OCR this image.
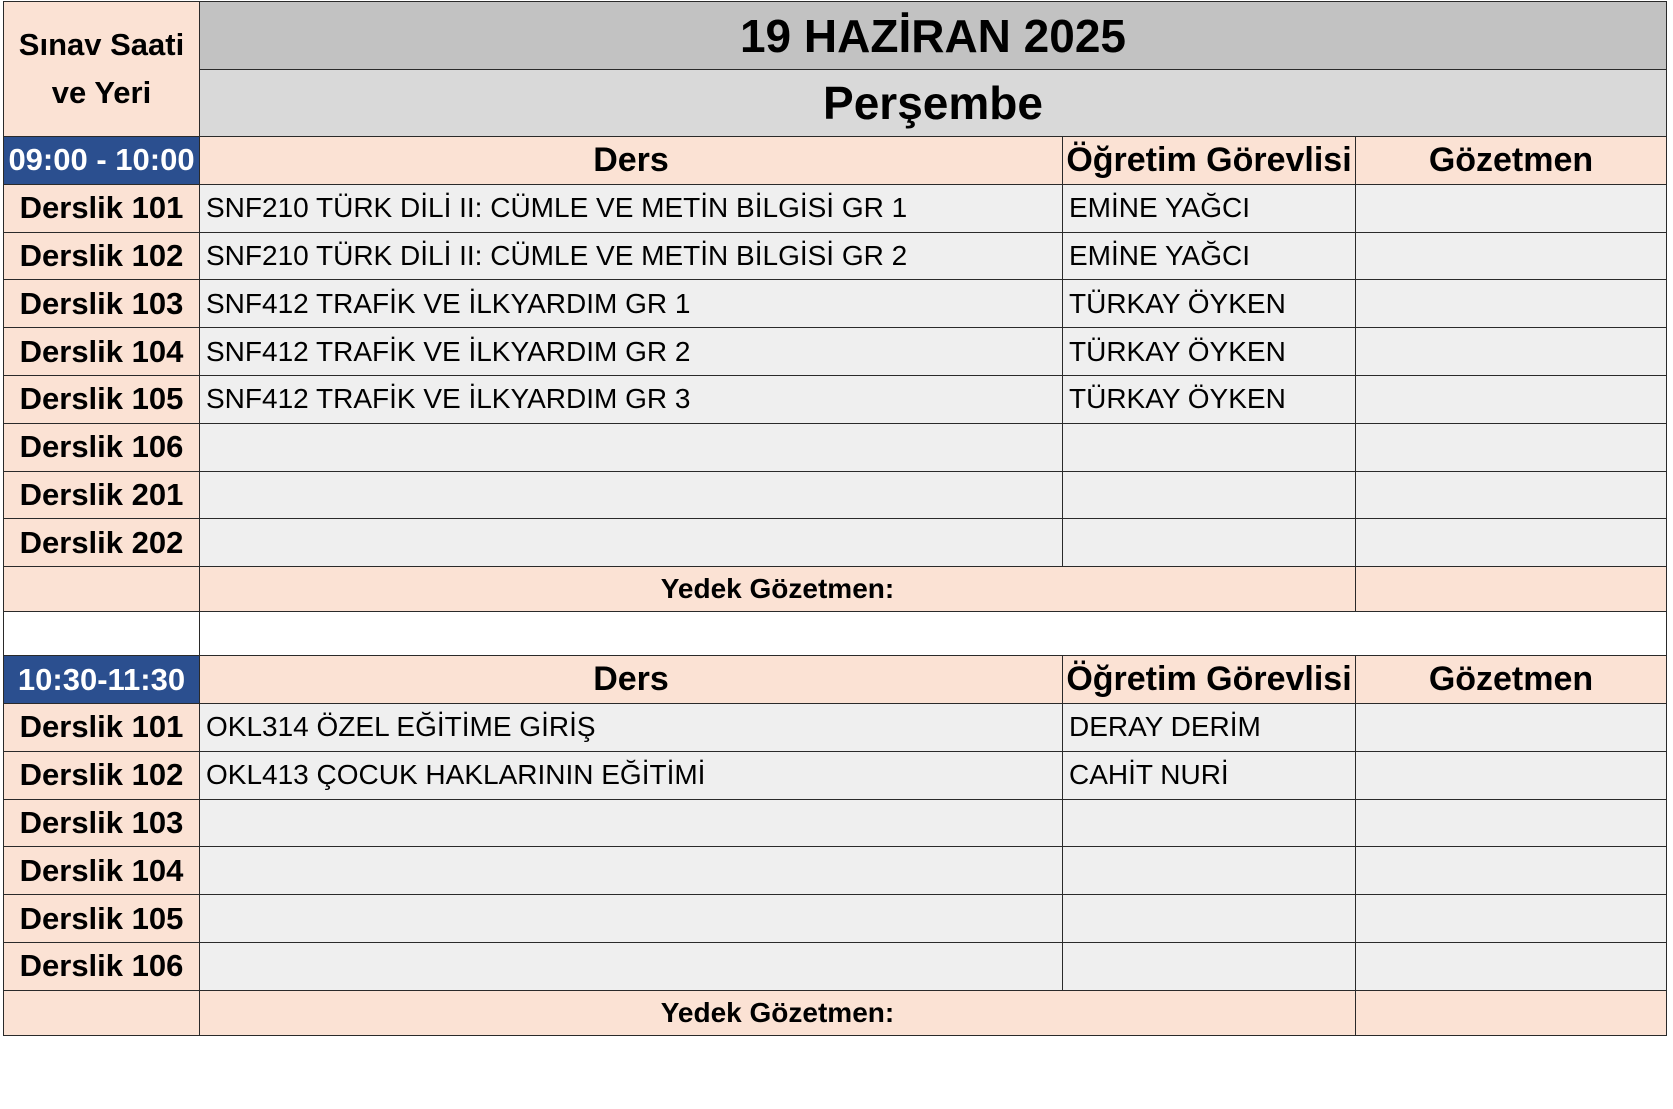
Sınav Saati
ve Yeri	19 HAZİRAN 2025		
	Perşembe		
09:00 - 10:00	Ders	Öğretim Görevlisi	Gözetmen
Derslik 101	SNF210 TÜRK DİLİ II: CÜMLE VE METİN BİLGİSİ GR 1	EMİNE YAĞCI	
Derslik 102	SNF210 TÜRK DİLİ II: CÜMLE VE METİN BİLGİSİ GR 2	EMİNE YAĞCI	
Derslik 103	SNF412 TRAFİK VE İLKYARDIM GR 1	TÜRKAY ÖYKEN	
Derslik 104	SNF412 TRAFİK VE İLKYARDIM GR 2	TÜRKAY ÖYKEN	
Derslik 105	SNF412 TRAFİK VE İLKYARDIM GR 3	TÜRKAY ÖYKEN	
Derslik 106			
Derslik 201			
Derslik 202			
	Yedek Gözetmen:		

10:30-11:30	Ders	Öğretim Görevlisi	Gözetmen
Derslik 101	OKL314 ÖZEL EĞİTİME GİRİŞ	DERAY DERİM	
Derslik 102	OKL413 ÇOCUK HAKLARININ EĞİTİMİ	CAHİT NURİ	
Derslik 103			
Derslik 104			
Derslik 105			
Derslik 106			
	Yedek Gözetmen:		
